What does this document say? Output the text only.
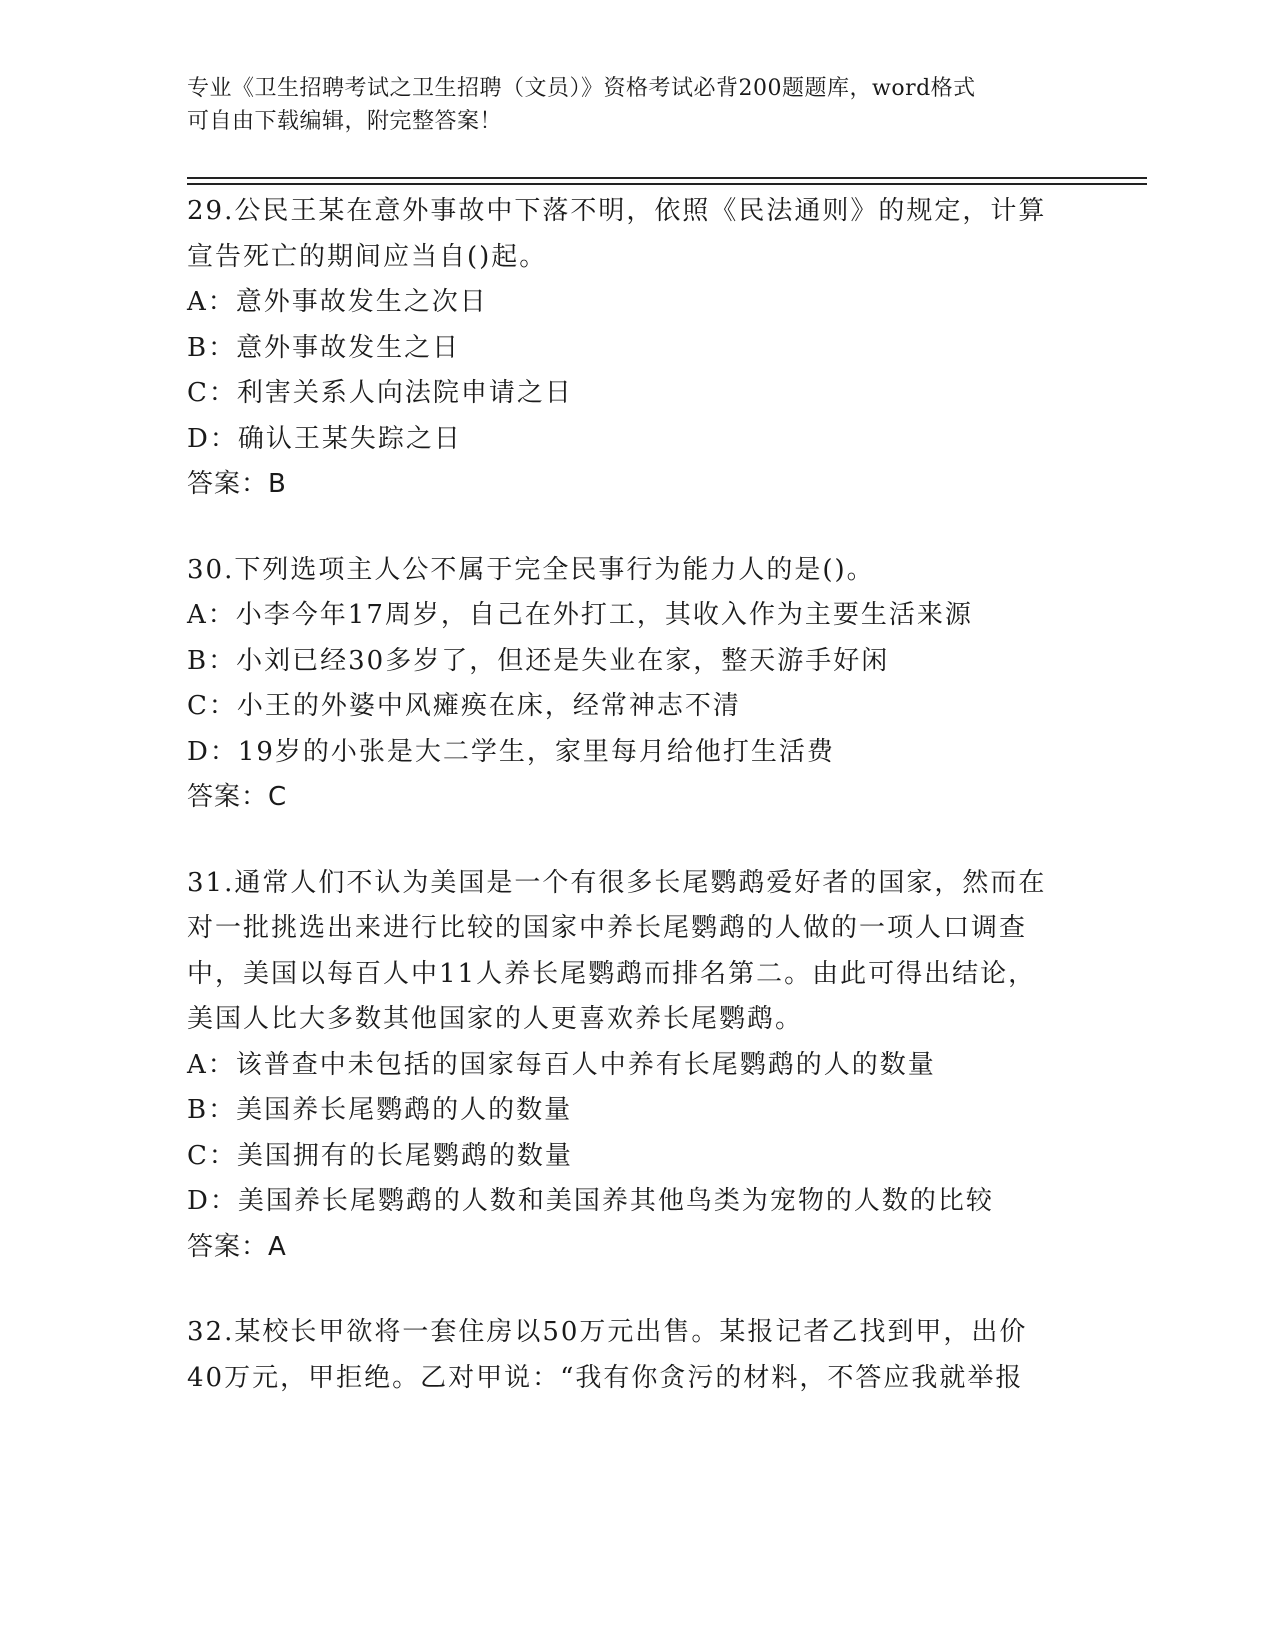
专业《卫生招聘考试之卫生招聘（文员）》资格考试必背200题题库，word格式
可自由下载编辑，附完整答案！
29.公民王某在意外事故中下落不明，依照《民法通则》的规定，计算
宣告死亡的期间应当自()起。
A：意外事故发生之次日
B：意外事故发生之日
C：利害关系人向法院申请之日
D：确认王某失踪之日
答案：B
30.下列选项主人公不属于完全民事行为能力人的是()。
A：小李今年17周岁，自己在外打工，其收入作为主要生活来源
B：小刘已经30多岁了，但还是失业在家，整天游手好闲
C：小王的外婆中风瘫痪在床，经常神志不清
D：19岁的小张是大二学生，家里每月给他打生活费
答案：C
31.通常人们不认为美国是一个有很多长尾鹦鹉爱好者的国家，然而在
对一批挑选出来进行比较的国家中养长尾鹦鹉的人做的一项人口调查
中，美国以每百人中11人养长尾鹦鹉而排名第二。由此可得出结论，
美国人比大多数其他国家的人更喜欢养长尾鹦鹉。
A：该普查中未包括的国家每百人中养有长尾鹦鹉的人的数量
B：美国养长尾鹦鹉的人的数量
C：美国拥有的长尾鹦鹉的数量
D：美国养长尾鹦鹉的人数和美国养其他鸟类为宠物的人数的比较
答案：A
32.某校长甲欲将一套住房以50万元出售。某报记者乙找到甲，出价
40万元，甲拒绝。乙对甲说：“我有你贪污的材料，不答应我就举报
